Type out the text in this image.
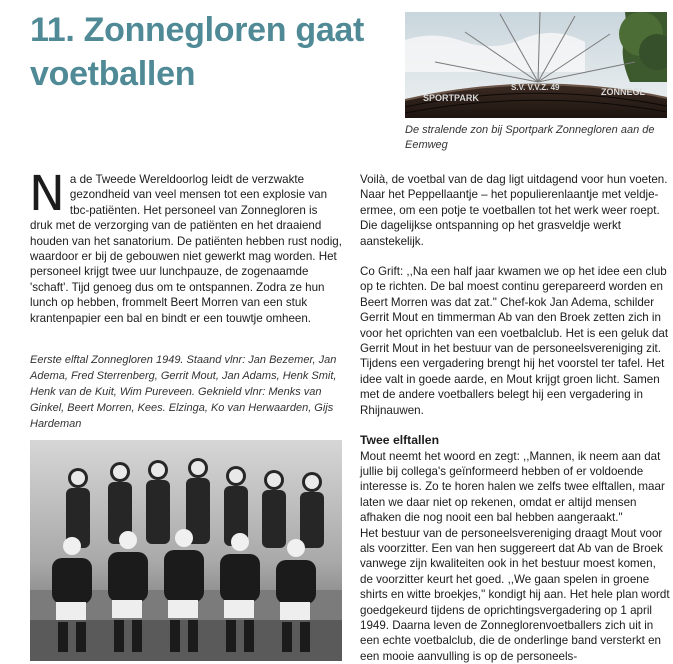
11. Zonnegloren gaat
voetballen
SPORTPARK
S.V. V.V.Z. 49	ZONNEGL
De stralende zon bij Sportpark Zonnegloren aan de Eemweg

Na de Tweede Wereldoorlog leidt de verzwakte gezondheid van veel mensen tot een explosie van tbc-patiënten. Het personeel van Zonnegloren is druk met de verzorging van de patiënten en het draaiend houden van het sanatorium. De patiënten hebben rust nodig, waardoor er bij de gebouwen niet gewerkt mag worden. Het personeel krijgt twee uur lunchpauze, de zogenaamde 'schaft'. Tijd genoeg dus om te ontspannen. Zodra ze hun lunch op hebben, frommelt Beert Morren van een stuk krantenpapier een bal en bindt er een touwtje omheen.

Eerste elftal Zonnegloren 1949. Staand vlnr: Jan Bezemer, Jan Adema, Fred Sterrenberg, Gerrit Mout, Jan Adams, Henk Smit, Henk van de Kuit, Wim Pureveen. Geknield vlnr: Menks van Ginkel, Beert Morren, Kees. Elzinga, Ko van Herwaarden, Gijs Hardeman

Voilà, de voetbal van de dag ligt uitdagend voor hun voeten. Naar het Peppellaantje – het populierenlaantje met veldje- ermee, om een potje te voetballen tot het werk weer roept. Die dagelijkse ontspanning op het grasveldje werkt aanstekelijk.

Co Grift: ,,Na een half jaar kwamen we op het idee een club op te richten. De bal moest continu gerepareerd worden en Beert Morren was dat zat." Chef-kok Jan Adema, schilder Gerrit Mout en timmerman Ab van den Broek zetten zich in voor het oprichten van een voetbalclub. Het is een geluk dat Gerrit Mout in het bestuur van de personeelsvereniging zit. Tijdens een vergadering brengt hij het voorstel ter tafel. Het idee valt in goede aarde, en Mout krijgt groen licht. Samen met de andere voetballers belegt hij een vergadering in Rhijnauwen.

Twee elftallen

Mout neemt het woord en zegt: ,,Mannen, ik neem aan dat jullie bij collega's geïnformeerd hebben of er voldoende interesse is. Zo te horen halen we zelfs twee elftallen, maar laten we daar niet op rekenen, omdat er altijd mensen afhaken die nog nooit een bal hebben aangeraakt."

Het bestuur van de personeelsvereniging draagt Mout voor als voorzitter. Een van hen suggereert dat Ab van de Broek vanwege zijn kwaliteiten ook in het bestuur moest komen, de voorzitter keurt het goed. ,,We gaan spelen in groene shirts en witte broekjes," kondigt hij aan. Het hele plan wordt goedgekeurd tijdens de oprichtingsvergadering op 1 april 1949. Daarna leven de Zonneglorenvoetballers zich uit in een echte voetbalclub, die de onderlinge band versterkt en een mooie aanvulling is op de personeels-
